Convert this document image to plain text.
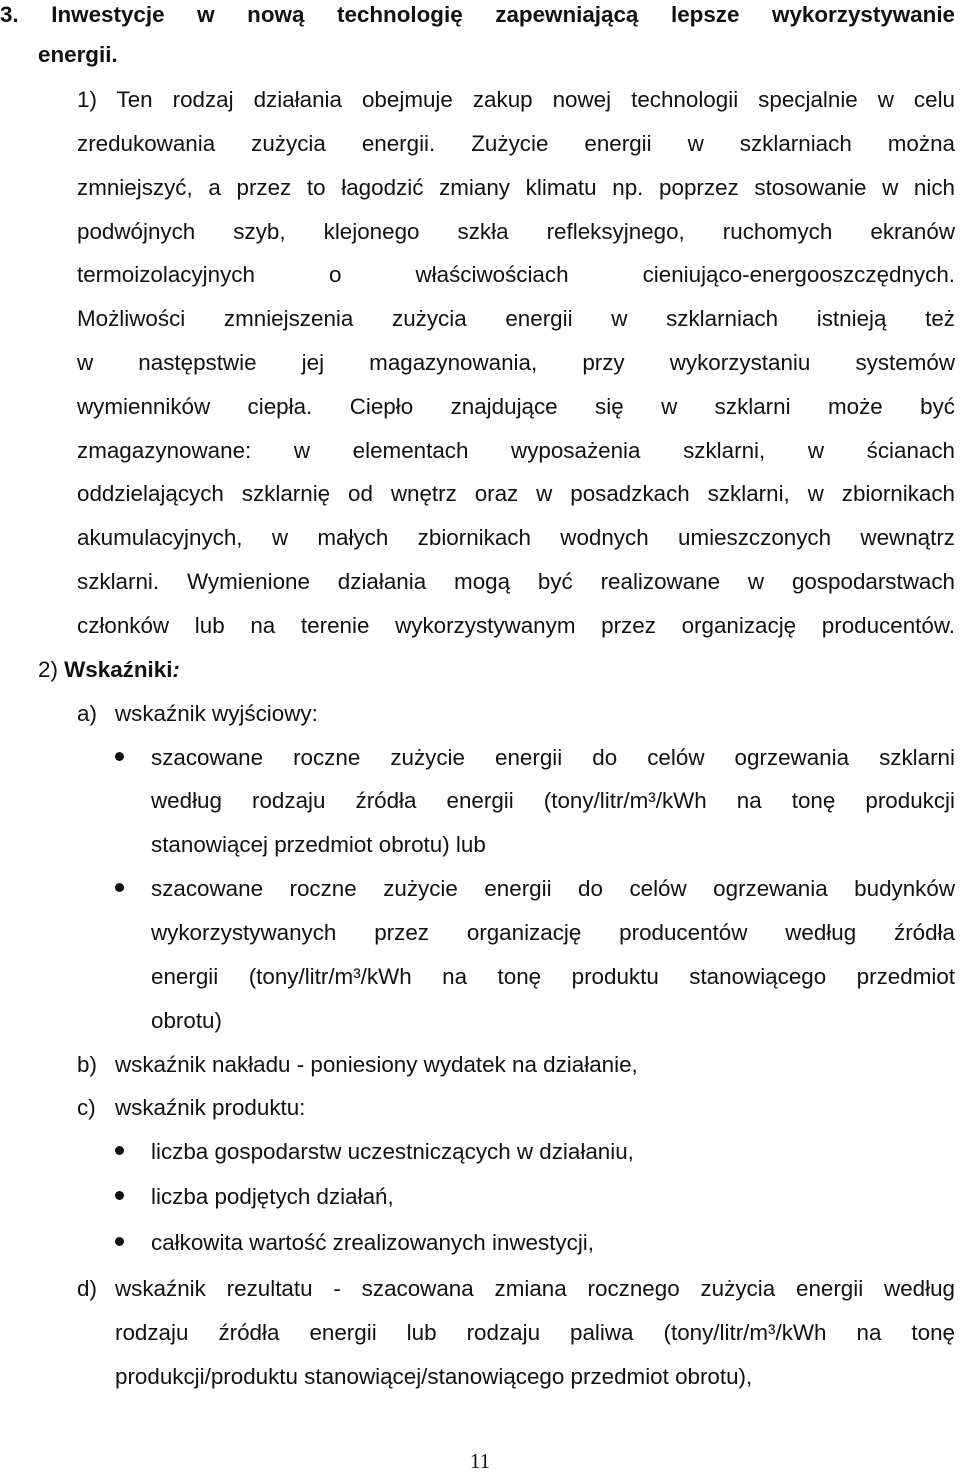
3. Inwestycje w nową technologię zapewniającą lepsze wykorzystywanie
energii.
1) Ten rodzaj działania obejmuje zakup nowej technologii specjalnie w celu
zredukowania zużycia energii. Zużycie energii w szklarniach można
zmniejszyć, a przez to łagodzić zmiany klimatu np. poprzez stosowanie w nich
podwójnych szyb, klejonego szkła refleksyjnego, ruchomych ekranów
termoizolacyjnych o właściwościach cieniująco-energooszczędnych.
Możliwości zmniejszenia zużycia energii w szklarniach istnieją też
w następstwie jej magazynowania, przy wykorzystaniu systemów
wymienników ciepła. Ciepło znajdujące się w szklarni może być
zmagazynowane: w elementach wyposażenia szklarni, w ścianach
oddzielających szklarnię od wnętrz oraz w posadzkach szklarni, w zbiornikach
akumulacyjnych, w małych zbiornikach wodnych umieszczonych wewnątrz
szklarni. Wymienione działania mogą być realizowane w gospodarstwach
członków lub na terenie wykorzystywanym przez organizację producentów.
2) Wskaźniki:
a) wskaźnik wyjściowy:
szacowane roczne zużycie energii do celów ogrzewania szklarni
według rodzaju źródła energii (tony/litr/m³/kWh na tonę produkcji
stanowiącej przedmiot obrotu) lub
szacowane roczne zużycie energii do celów ogrzewania budynków
wykorzystywanych przez organizację producentów według źródła
energii (tony/litr/m³/kWh na tonę produktu stanowiącego przedmiot
obrotu)
b) wskaźnik nakładu - poniesiony wydatek na działanie,
c) wskaźnik produktu:
liczba gospodarstw uczestniczących w działaniu,
liczba podjętych działań,
całkowita wartość zrealizowanych inwestycji,
d) wskaźnik rezultatu - szacowana zmiana rocznego zużycia energii według
rodzaju źródła energii lub rodzaju paliwa (tony/litr/m³/kWh na tonę
produkcji/produktu stanowiącej/stanowiącego przedmiot obrotu),
11
